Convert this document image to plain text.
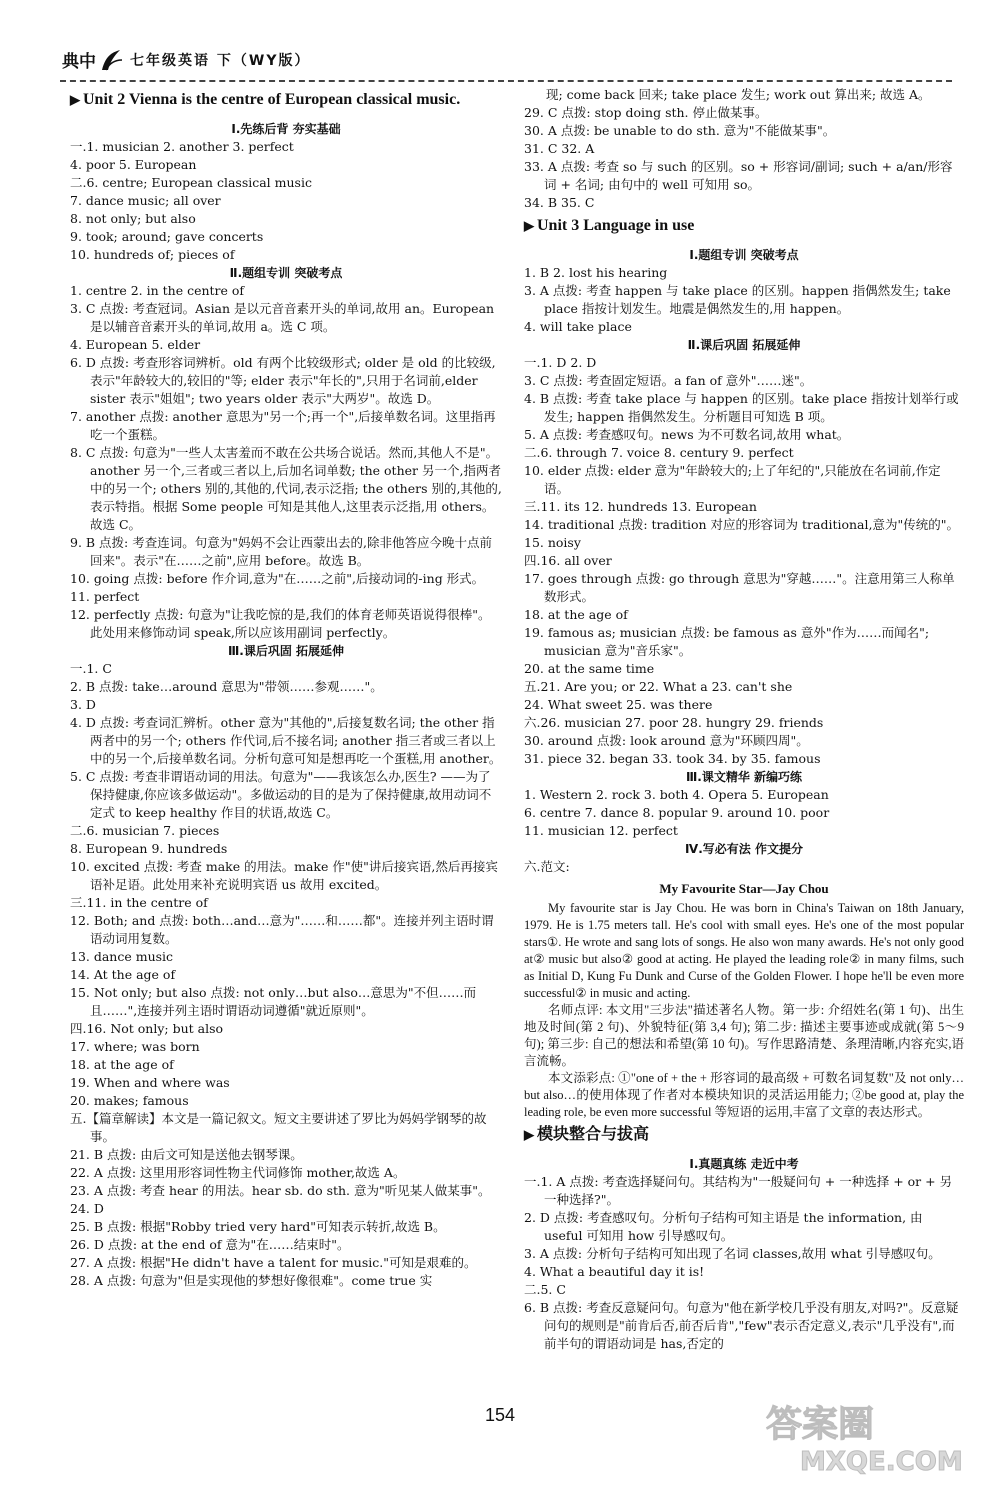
典中 七年级英语 下（WY版）
▶ Unit 2 Vienna is the centre of European classical music.
Ⅰ.先练后背 夯实基础
一.1. musician 2. another 3. perfect
4. poor 5. European
二.6. centre; European classical music
7. dance music; all over
8. not only; but also
9. took; around; gave concerts
10. hundreds of; pieces of
Ⅱ.题组专训 突破考点
1. centre 2. in the centre of
3. C 点拨: 考查冠词。Asian 是以元音音素开头的单词,故用 an。European 是以辅音音素开头的单词,故用 a。选 C 项。
4. European 5. elder
6. D 点拨: 考查形容词辨析。old 有两个比较级形式; older 是 old 的比较级,表示"年龄较大的,较旧的"等; elder 表示"年长的",只用于名词前,elder sister 表示"姐姐"; two years older 表示"大两岁"。故选 D。
7. another 点拨: another 意思为"另一个;再一个",后接单数名词。这里指再吃一个蛋糕。
8. C 点拨: 句意为"一些人太害羞而不敢在公共场合说话。然而,其他人不是"。another 另一个,三者或三者以上,后加名词单数; the other 另一个,指两者中的另一个; others 别的,其他的,代词,表示泛指; the others 别的,其他的,表示特指。根据 Some people 可知是其他人,这里表示泛指,用 others。故选 C。
9. B 点拨: 考查连词。句意为"妈妈不会让西蒙出去的,除非他答应今晚十点前回来"。表示"在……之前",应用 before。故选 B。
10. going 点拨: before 作介词,意为"在……之前",后接动词的-ing 形式。
11. perfect
12. perfectly 点拨: 句意为"让我吃惊的是,我们的体育老师英语说得很棒"。此处用来修饰动词 speak,所以应该用副词 perfectly。
Ⅲ.课后巩固 拓展延伸
一.1. C
2. B 点拨: take…around 意思为"带领……参观……"。
3. D
4. D 点拨: 考查词汇辨析。other 意为"其他的",后接复数名词; the other 指两者中的另一个; others 作代词,后不接名词; another 指三者或三者以上中的另一个,后接单数名词。分析句意可知是想再吃一个蛋糕,用 another。
5. C 点拨: 考查非谓语动词的用法。句意为"——我该怎么办,医生? ——为了保持健康,你应该多做运动"。多做运动的目的是为了保持健康,故用动词不定式 to keep healthy 作目的状语,故选 C。
二.6. musician 7. pieces
8. European 9. hundreds
10. excited 点拨: 考查 make 的用法。make 作"使"讲后接宾语,然后再接宾语补足语。此处用来补充说明宾语 us 故用 excited。
三.11. in the centre of
12. Both; and 点拨: both…and…意为"……和……都"。连接并列主语时谓语动词用复数。
13. dance music
14. At the age of
15. Not only; but also 点拨: not only…but also…意思为"不但……而且……",连接并列主语时谓语动词遵循"就近原则"。
四.16. Not only; but also
17. where; was born
18. at the age of
19. When and where was
20. makes; famous
五.【篇章解读】本文是一篇记叙文。短文主要讲述了罗比为妈妈学钢琴的故事。
21. B 点拨: 由后文可知是送他去钢琴课。
22. A 点拨: 这里用形容词性物主代词修饰 mother,故选 A。
23. A 点拨: 考查 hear 的用法。hear sb. do sth. 意为"听见某人做某事"。
24. D
25. B 点拨: 根据"Robby tried very hard"可知表示转折,故选 B。
26. D 点拨: at the end of 意为"在……结束时"。
27. A 点拨: 根据"He didn't have a talent for music."可知是艰难的。
28. A 点拨: 句意为"但是实现他的梦想好像很难"。come true 实
现; come back 回来; take place 发生; work out 算出来; 故选 A。
29. C 点拨: stop doing sth. 停止做某事。
30. A 点拨: be unable to do sth. 意为"不能做某事"。
31. C 32. A
33. A 点拨: 考查 so 与 such 的区别。so + 形容词/副词; such + a/an/形容词 + 名词; 由句中的 well 可知用 so。
34. B 35. C
▶ Unit 3 Language in use
Ⅰ.题组专训 突破考点
1. B 2. lost his hearing
3. A 点拨: 考查 happen 与 take place 的区别。happen 指偶然发生; take place 指按计划发生。地震是偶然发生的,用 happen。
4. will take place
Ⅱ.课后巩固 拓展延伸
一.1. D 2. D
3. C 点拨: 考查固定短语。a fan of 意外"……迷"。
4. B 点拨: 考查 take place 与 happen 的区别。take place 指按计划举行或发生; happen 指偶然发生。分析题目可知选 B 项。
5. A 点拨: 考查感叹句。news 为不可数名词,故用 what。
二.6. through 7. voice 8. century 9. perfect
10. elder 点拨: elder 意为"年龄较大的;上了年纪的",只能放在名词前,作定语。
三.11. its 12. hundreds 13. European
14. traditional 点拨: tradition 对应的形容词为 traditional,意为"传统的"。
15. noisy
四.16. all over
17. goes through 点拨: go through 意思为"穿越……"。注意用第三人称单数形式。
18. at the age of
19. famous as; musician 点拨: be famous as 意外"作为……而闻名"; musician 意为"音乐家"。
20. at the same time
五.21. Are you; or 22. What a 23. can't she
24. What sweet 25. was there
六.26. musician 27. poor 28. hungry 29. friends
30. around 点拨: look around 意为"环顾四周"。
31. piece 32. began 33. took 34. by 35. famous
Ⅲ.课文精华 新编巧练
1. Western 2. rock 3. both 4. Opera 5. European
6. centre 7. dance 8. popular 9. around 10. poor
11. musician 12. perfect
Ⅳ.写必有法 作文提分
六.范文:
My Favourite Star—Jay Chou

My favourite star is Jay Chou. He was born in China's Taiwan on 18th January, 1979. He is 1.75 meters tall. He's cool with small eyes. He's one of the most popular stars①. He wrote and sang lots of songs. He also won many awards. He's not only good at② music but also② good at acting. He played the leading role② in many films, such as Initial D, Kung Fu Dunk and Curse of the Golden Flower. I hope he'll be even more successful② in music and acting.

名师点评: 本文用"三步法"描述著名人物。第一步: 介绍姓名(第 1 句)、出生地及时间(第 2 句)、外貌特征(第 3,4 句); 第二步: 描述主要事迹或成就(第 5～9 句); 第三步: 自己的想法和希望(第 10 句)。写作思路清楚、条理清晰,内容充实,语言流畅。

本文添彩点: ①"one of + the + 形容词的最高级 + 可数名词复数"及 not only…but also…的使用体现了作者对本模块知识的灵活运用能力; ②be good at, play the leading role, be even more successful 等短语的运用,丰富了文章的表达形式。

▶ 模块整合与拔高
Ⅰ.真题真练 走近中考
一.1. A 点拨: 考查选择疑问句。其结构为"一般疑问句 + 一种选择 + or + 另一种选择?"。
2. D 点拨: 考查感叹句。分析句子结构可知主语是 the information, 由 useful 可知用 how 引导感叹句。
3. A 点拨: 分析句子结构可知出现了名词 classes,故用 what 引导感叹句。
4. What a beautiful day it is!
二.5. C
6. B 点拨: 考查反意疑问句。句意为"他在新学校几乎没有朋友,对吗?"。反意疑问句的规则是"前肯后否,前否后肯","few"表示否定意义,表示"几乎没有",而前半句的谓语动词是 has,否定的
154	答案圈
MXQE.COM
